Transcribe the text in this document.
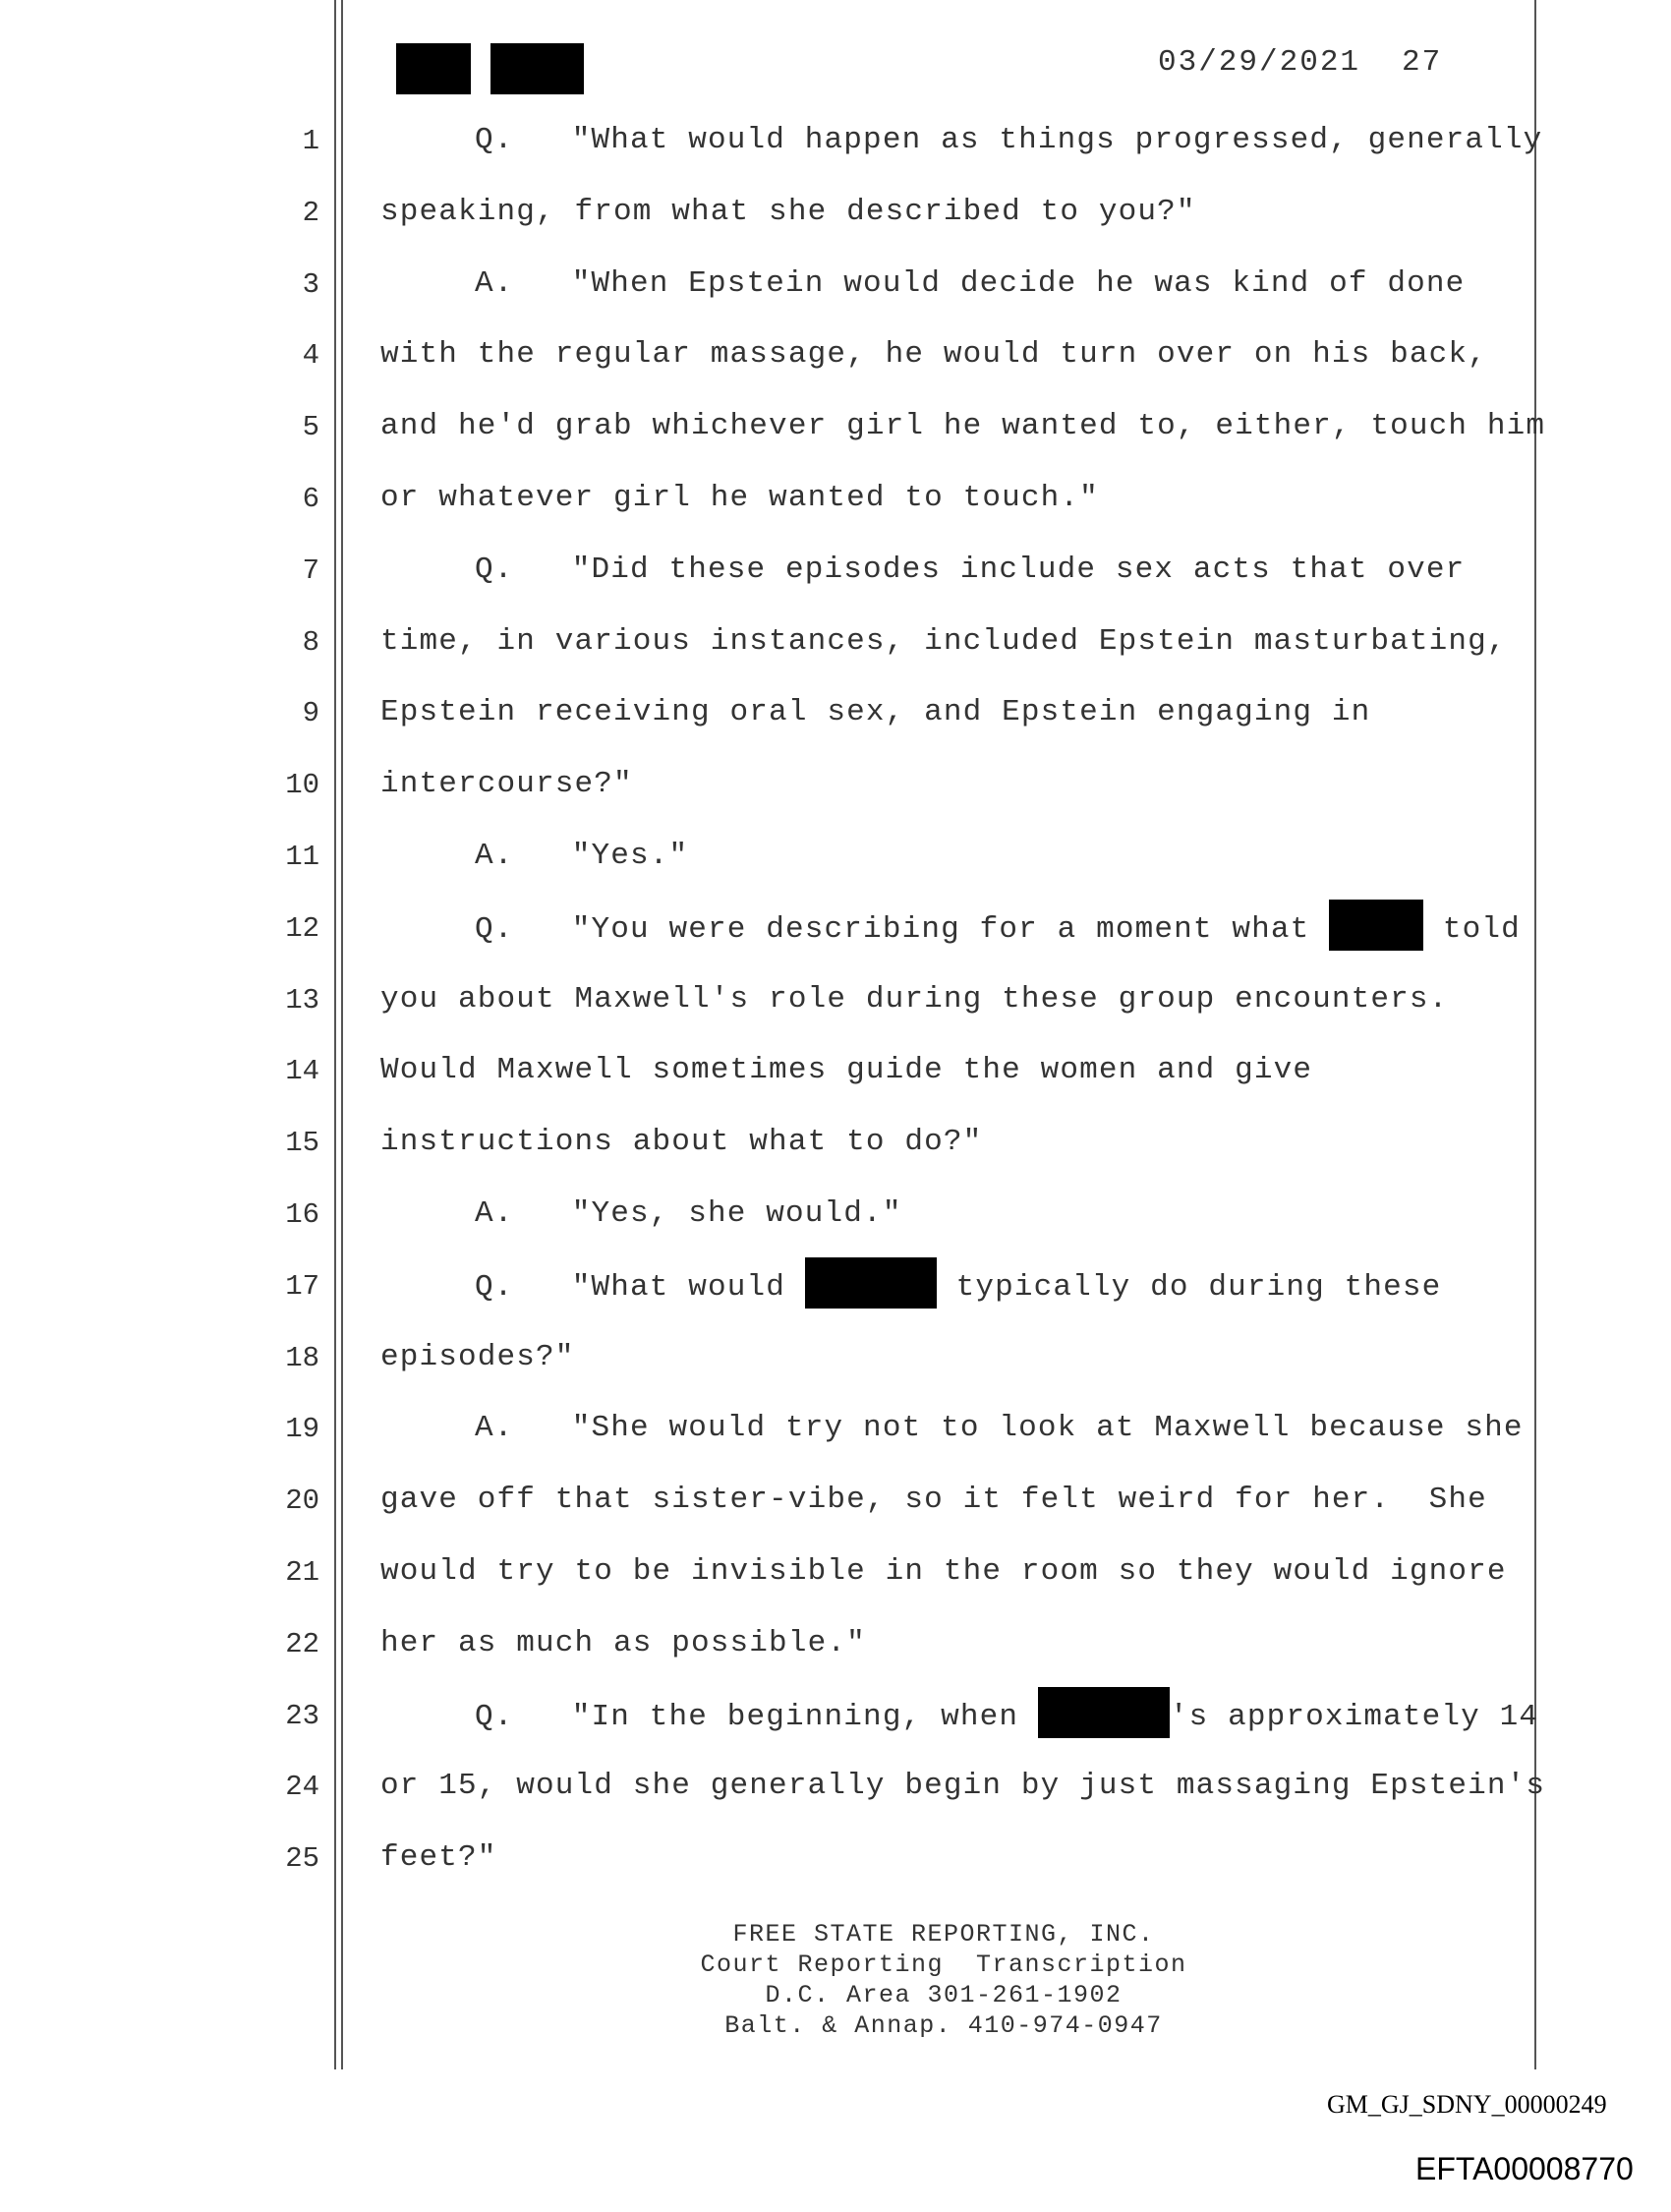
03/29/2021 27
1	Q.   "What would happen as things progressed, generally
2 speaking, from what she described to you?"
3	A.   "When Epstein would decide he was kind of done
4 with the regular massage, he would turn over on his back,
5 and he'd grab whichever girl he wanted to, either, touch him
6 or whatever girl he wanted to touch."
7	Q.   "Did these episodes include sex acts that over
8 time, in various instances, included Epstein masturbating,
9 Epstein receiving oral sex, and Epstein engaging in
10 intercourse?"
11	A.   "Yes."
12	Q.   "You were describing for a moment what	told
13 you about Maxwell's role during these group encounters.
14 Would Maxwell sometimes guide the women and give
15 instructions about what to do?"
16	A.   "Yes, she would."
17	Q.   "What would	typically do during these
18 episodes?"
19	A.   "She would try not to look at Maxwell because she
20 gave off that sister-vibe, so it felt weird for her.  She
21 would try to be invisible in the room so they would ignore
22 her as much as possible."
23	Q.   "In the beginning, when	's approximately 14
24 or 15, would she generally begin by just massaging Epstein's
25 feet?"
FREE STATE REPORTING, INC.
Court Reporting  Transcription
D.C. Area 301-261-1902
Balt. & Annap. 410-974-0947
GM_GJ_SDNY_00000249
EFTA00008770
